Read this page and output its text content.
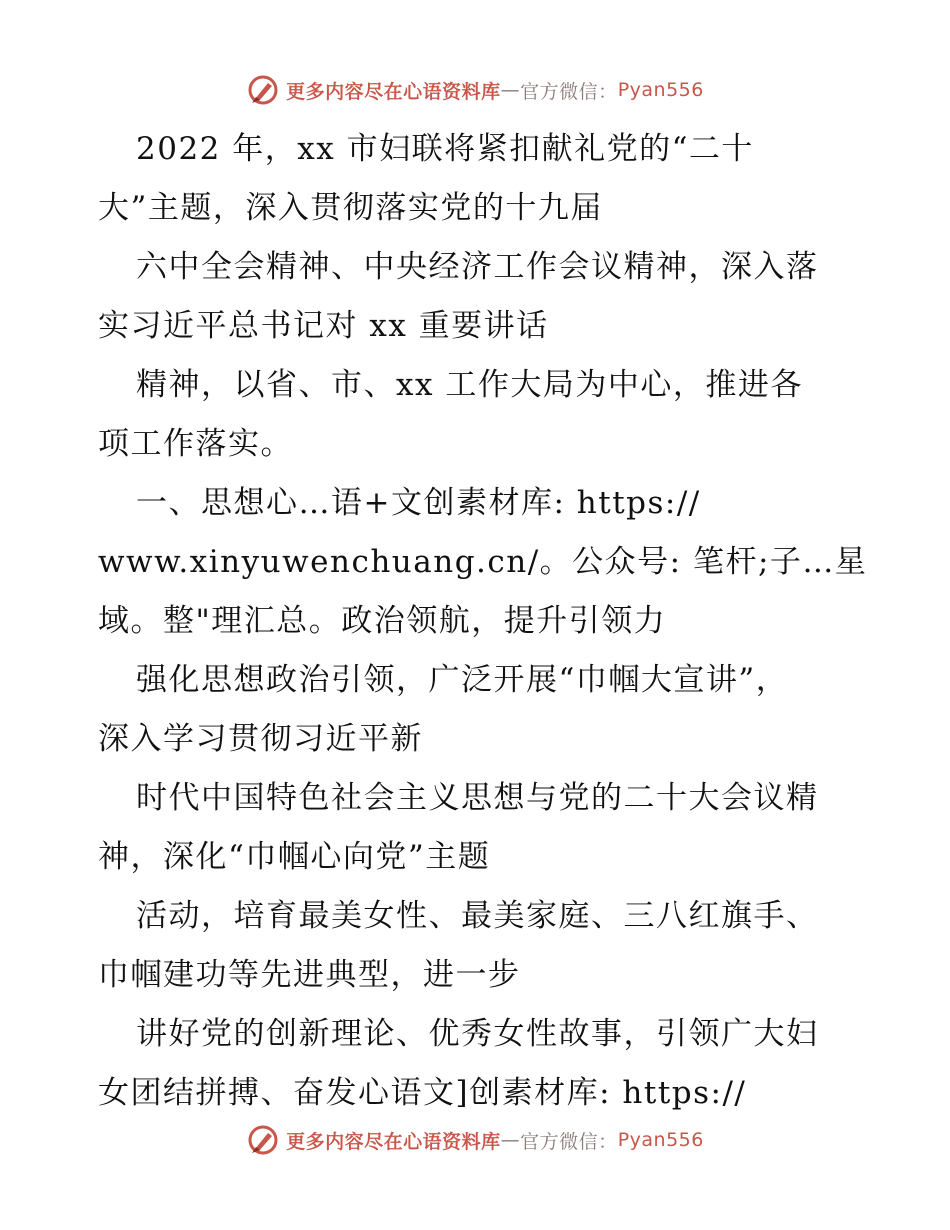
更多内容尽在心语资料库 — 官方微信： Pyan556
2022 年，xx 市妇联将紧扣献礼党的“二十
大”主题，深入贯彻落实党的十九届
六中全会精神、中央经济工作会议精神，深入落
实习近平总书记对 xx 重要讲话
精神，以省、市、xx 工作大局为中心，推进各
项工作落实。
一、思想心…语+文创素材库: https://
www.xinyuwenchuang.cn/。公众号: 笔杆;子…星
域。整"理汇总。政治领航，提升引领力
强化思想政治引领，广泛开展“巾帼大宣讲”，
深入学习贯彻习近平新
时代中国特色社会主义思想与党的二十大会议精
神，深化“巾帼心向党”主题
活动，培育最美女性、最美家庭、三八红旗手、
巾帼建功等先进典型，进一步
讲好党的创新理论、优秀女性故事，引领广大妇
女团结拼搏、奋发心语文]创素材库: https://
更多内容尽在心语资料库 — 官方微信： Pyan556
